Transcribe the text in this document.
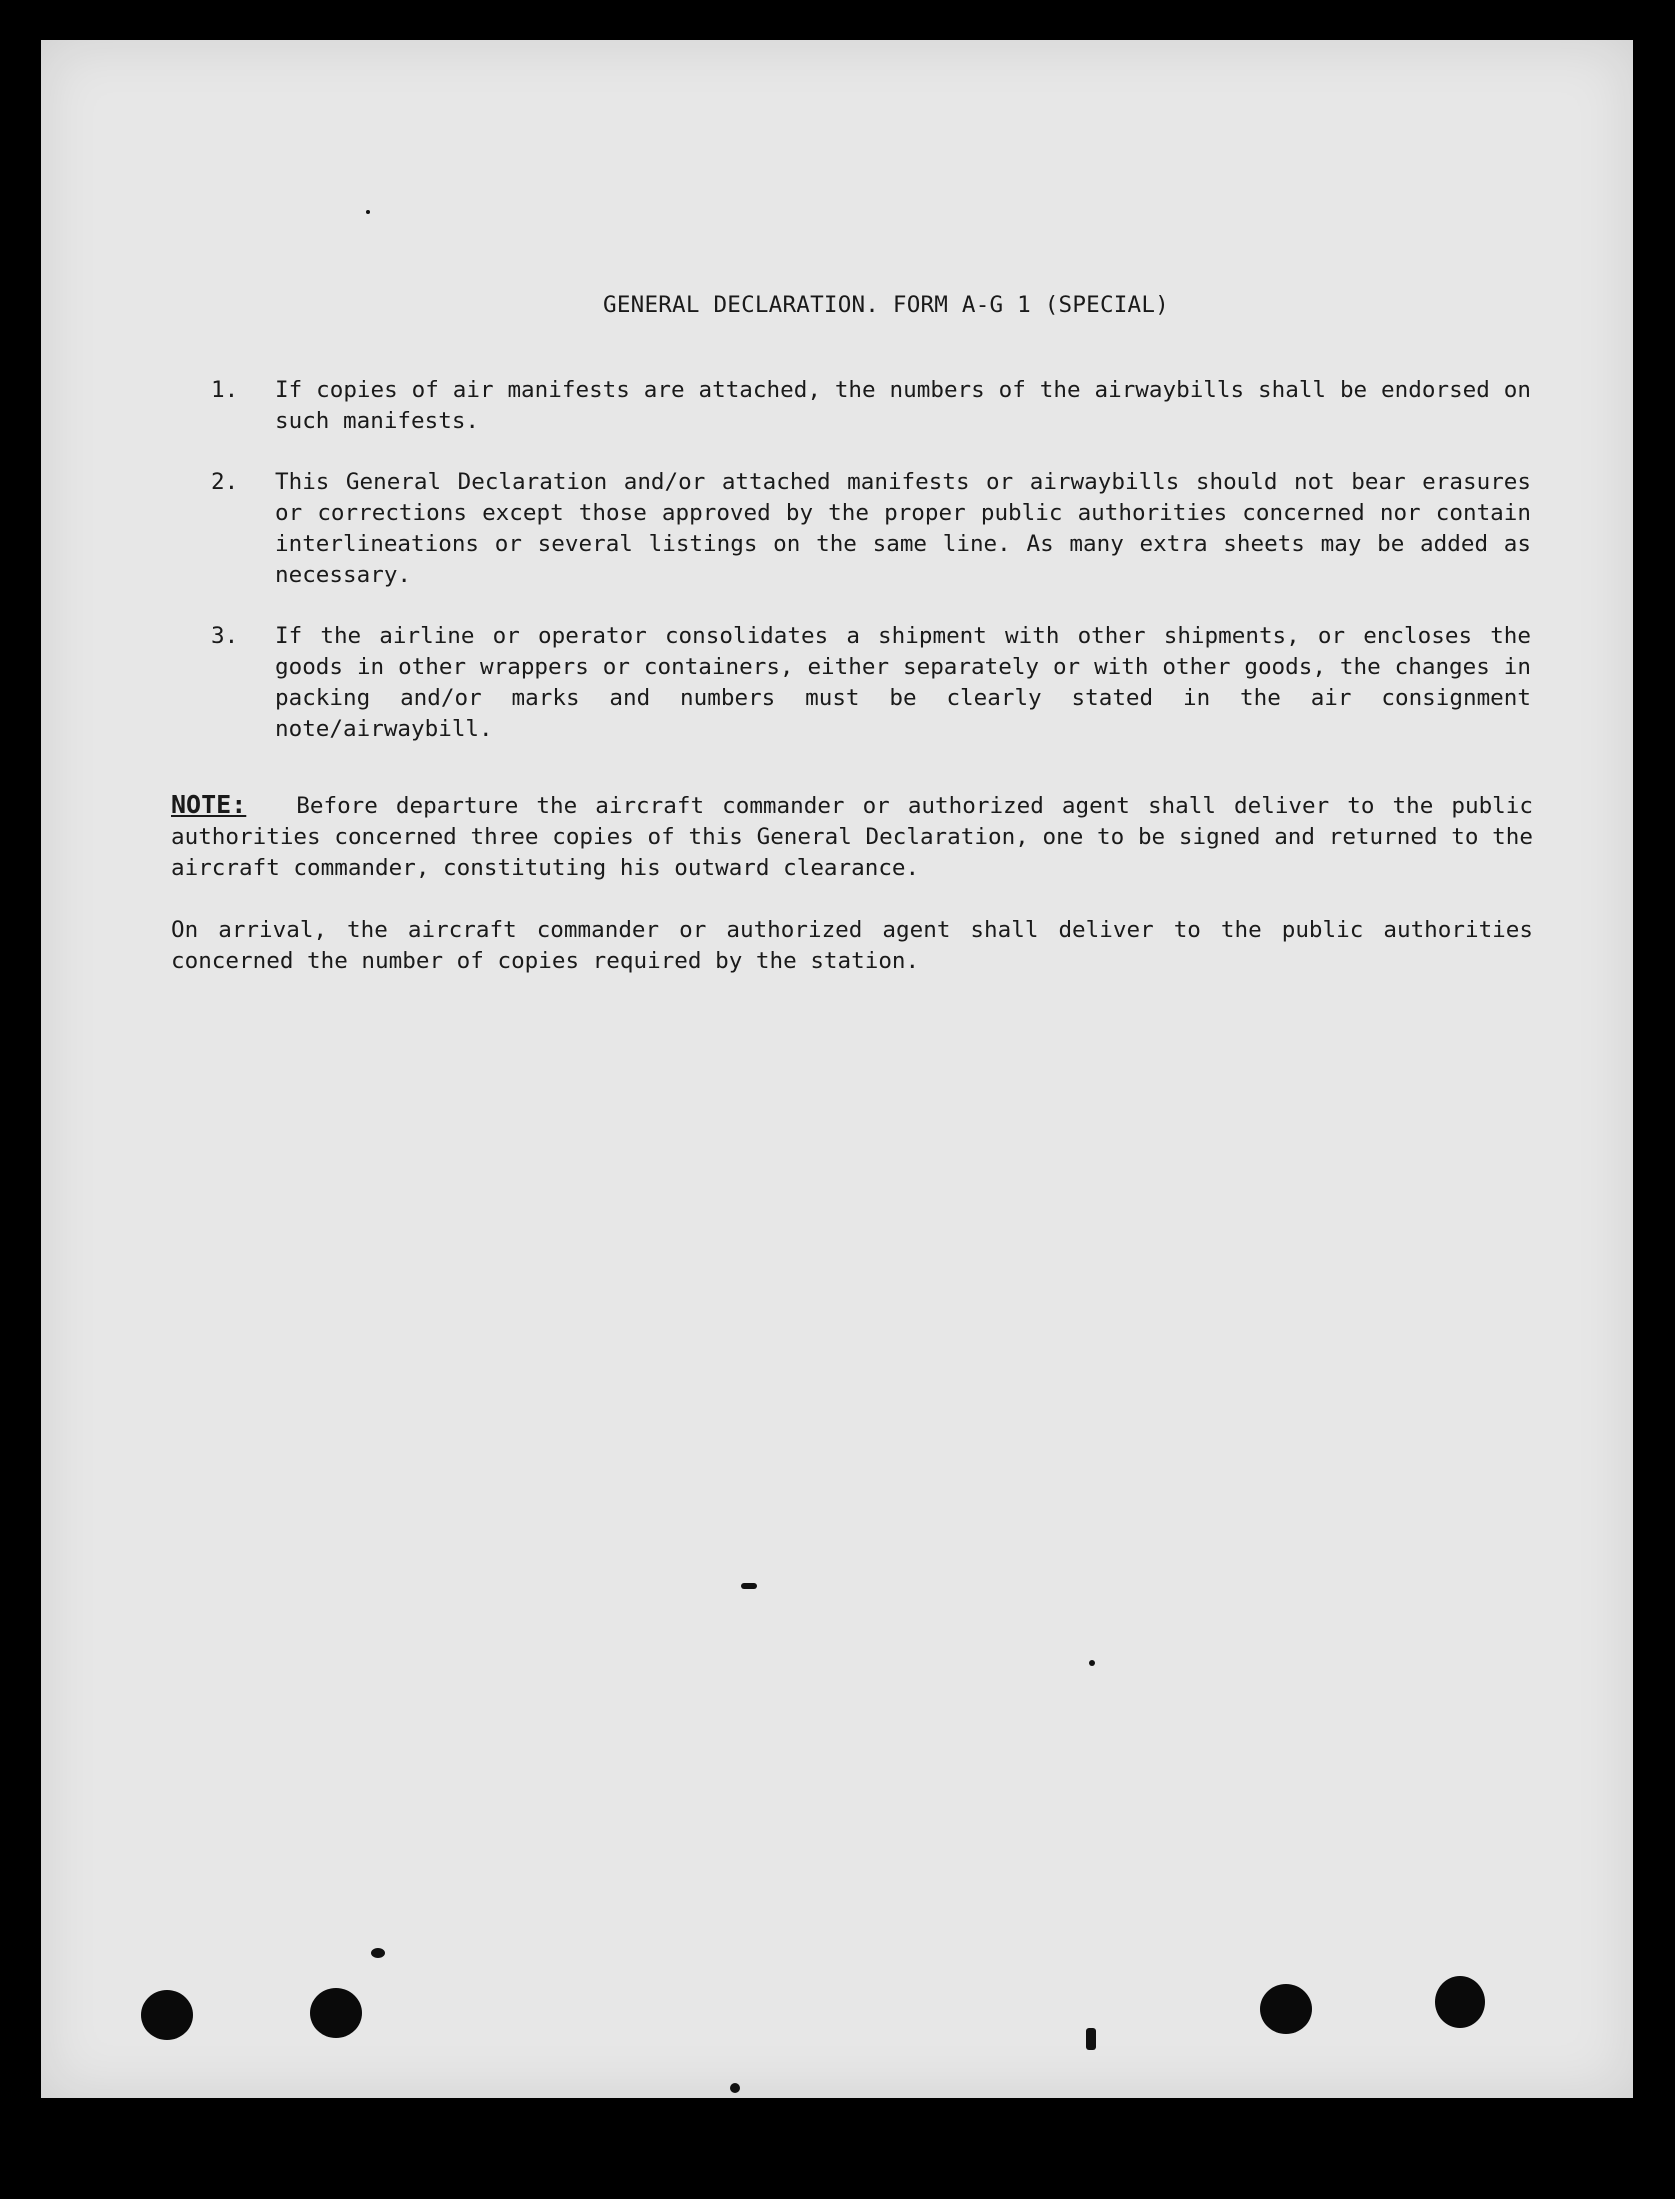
GENERAL DECLARATION. FORM A-G 1 (SPECIAL)
1. If copies of air manifests are attached, the numbers of the airwaybills shall be endorsed on such manifests.
2. This General Declaration and/or attached manifests or airwaybills should not bear erasures or corrections except those approved by the proper public authorities concerned nor contain interlineations or several listings on the same line. As many extra sheets may be added as necessary.
3. If the airline or operator consolidates a shipment with other shipments, or encloses the goods in other wrappers or containers, either separately or with other goods, the changes in packing and/or marks and numbers must be clearly stated in the air consignment note/airwaybill.
NOTE: Before departure the aircraft commander or authorized agent shall deliver to the public authorities concerned three copies of this General Declaration, one to be signed and returned to the aircraft commander, constituting his outward clearance.
On arrival, the aircraft commander or authorized agent shall deliver to the public authorities concerned the number of copies required by the station.
